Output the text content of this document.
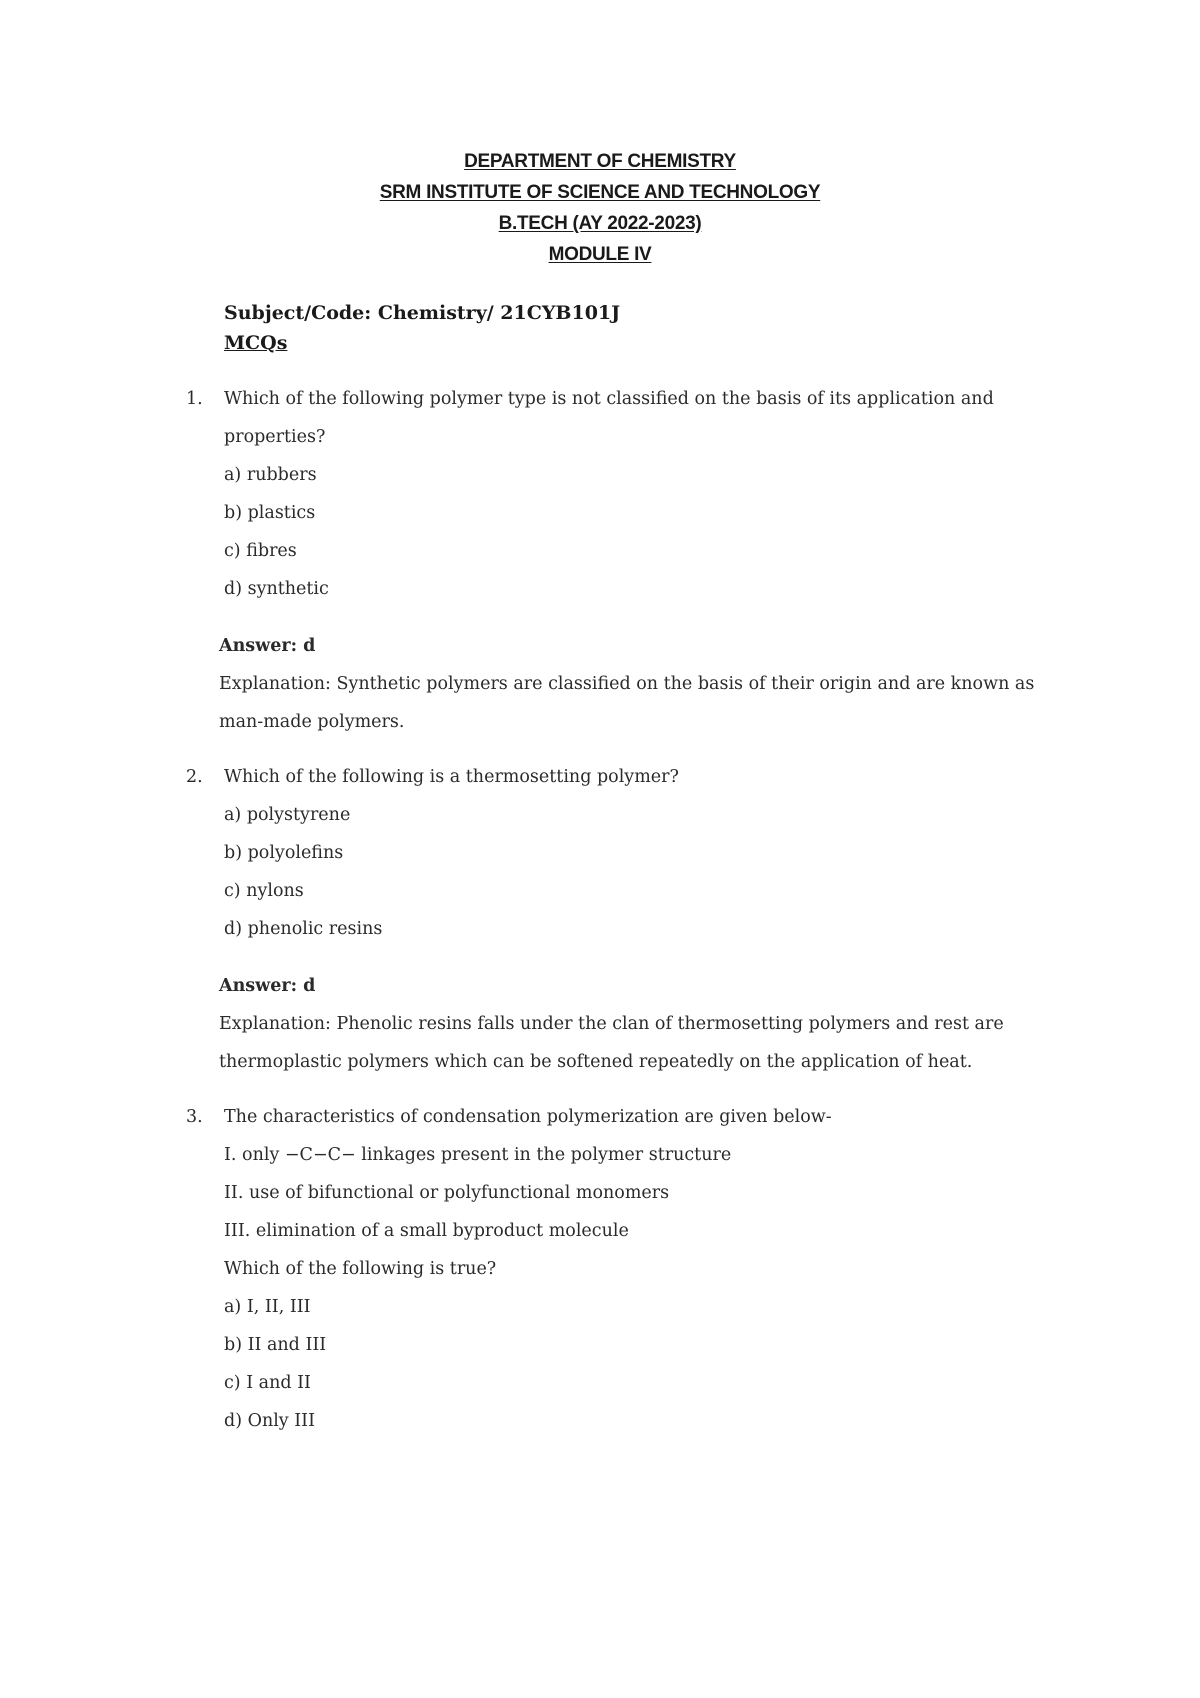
DEPARTMENT OF CHEMISTRY
SRM INSTITUTE OF SCIENCE AND TECHNOLOGY
B.TECH (AY 2022-2023)
MODULE IV
Subject/Code: Chemistry/ 21CYB101J
MCQs
1. Which of the following polymer type is not classified on the basis of its application and
properties?
a) rubbers
b) plastics
c) fibres
d) synthetic
Answer: d
Explanation: Synthetic polymers are classified on the basis of their origin and are known as
man-made polymers.
2. Which of the following is a thermosetting polymer?
a) polystyrene
b) polyolefins
c) nylons
d) phenolic resins
Answer: d
Explanation: Phenolic resins falls under the clan of thermosetting polymers and rest are
thermoplastic polymers which can be softened repeatedly on the application of heat.
3. The characteristics of condensation polymerization are given below-
I. only −C−C− linkages present in the polymer structure
II. use of bifunctional or polyfunctional monomers
III. elimination of a small byproduct molecule
Which of the following is true?
a) I, II, III
b) II and III
c) I and II
d) Only III
